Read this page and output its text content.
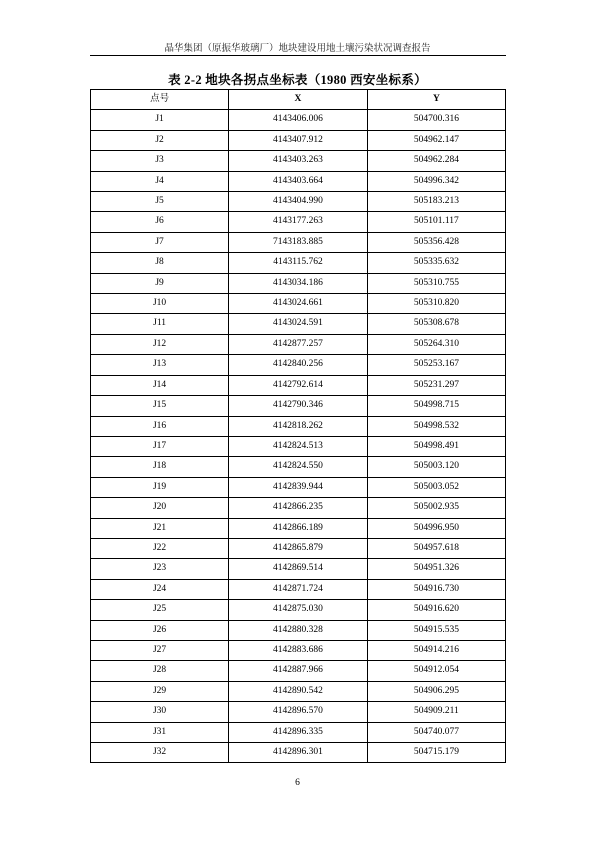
晶华集团（原振华玻璃厂）地块建设用地土壤污染状况调查报告
表 2-2 地块各拐点坐标表（1980 西安坐标系）
点号	X	Y
J1	4143406.006	504700.316
J2	4143407.912	504962.147
J3	4143403.263	504962.284
J4	4143403.664	504996.342
J5	4143404.990	505183.213
J6	4143177.263	505101.117
J7	7143183.885	505356.428
J8	4143115.762	505335.632
J9	4143034.186	505310.755
J10	4143024.661	505310.820
J11	4143024.591	505308.678
J12	4142877.257	505264.310
J13	4142840.256	505253.167
J14	4142792.614	505231.297
J15	4142790.346	504998.715
J16	4142818.262	504998.532
J17	4142824.513	504998.491
J18	4142824.550	505003.120
J19	4142839.944	505003.052
J20	4142866.235	505002.935
J21	4142866.189	504996.950
J22	4142865.879	504957.618
J23	4142869.514	504951.326
J24	4142871.724	504916.730
J25	4142875.030	504916.620
J26	4142880.328	504915.535
J27	4142883.686	504914.216
J28	4142887.966	504912.054
J29	4142890.542	504906.295
J30	4142896.570	504909.211
J31	4142896.335	504740.077
J32	4142896.301	504715.179
6
